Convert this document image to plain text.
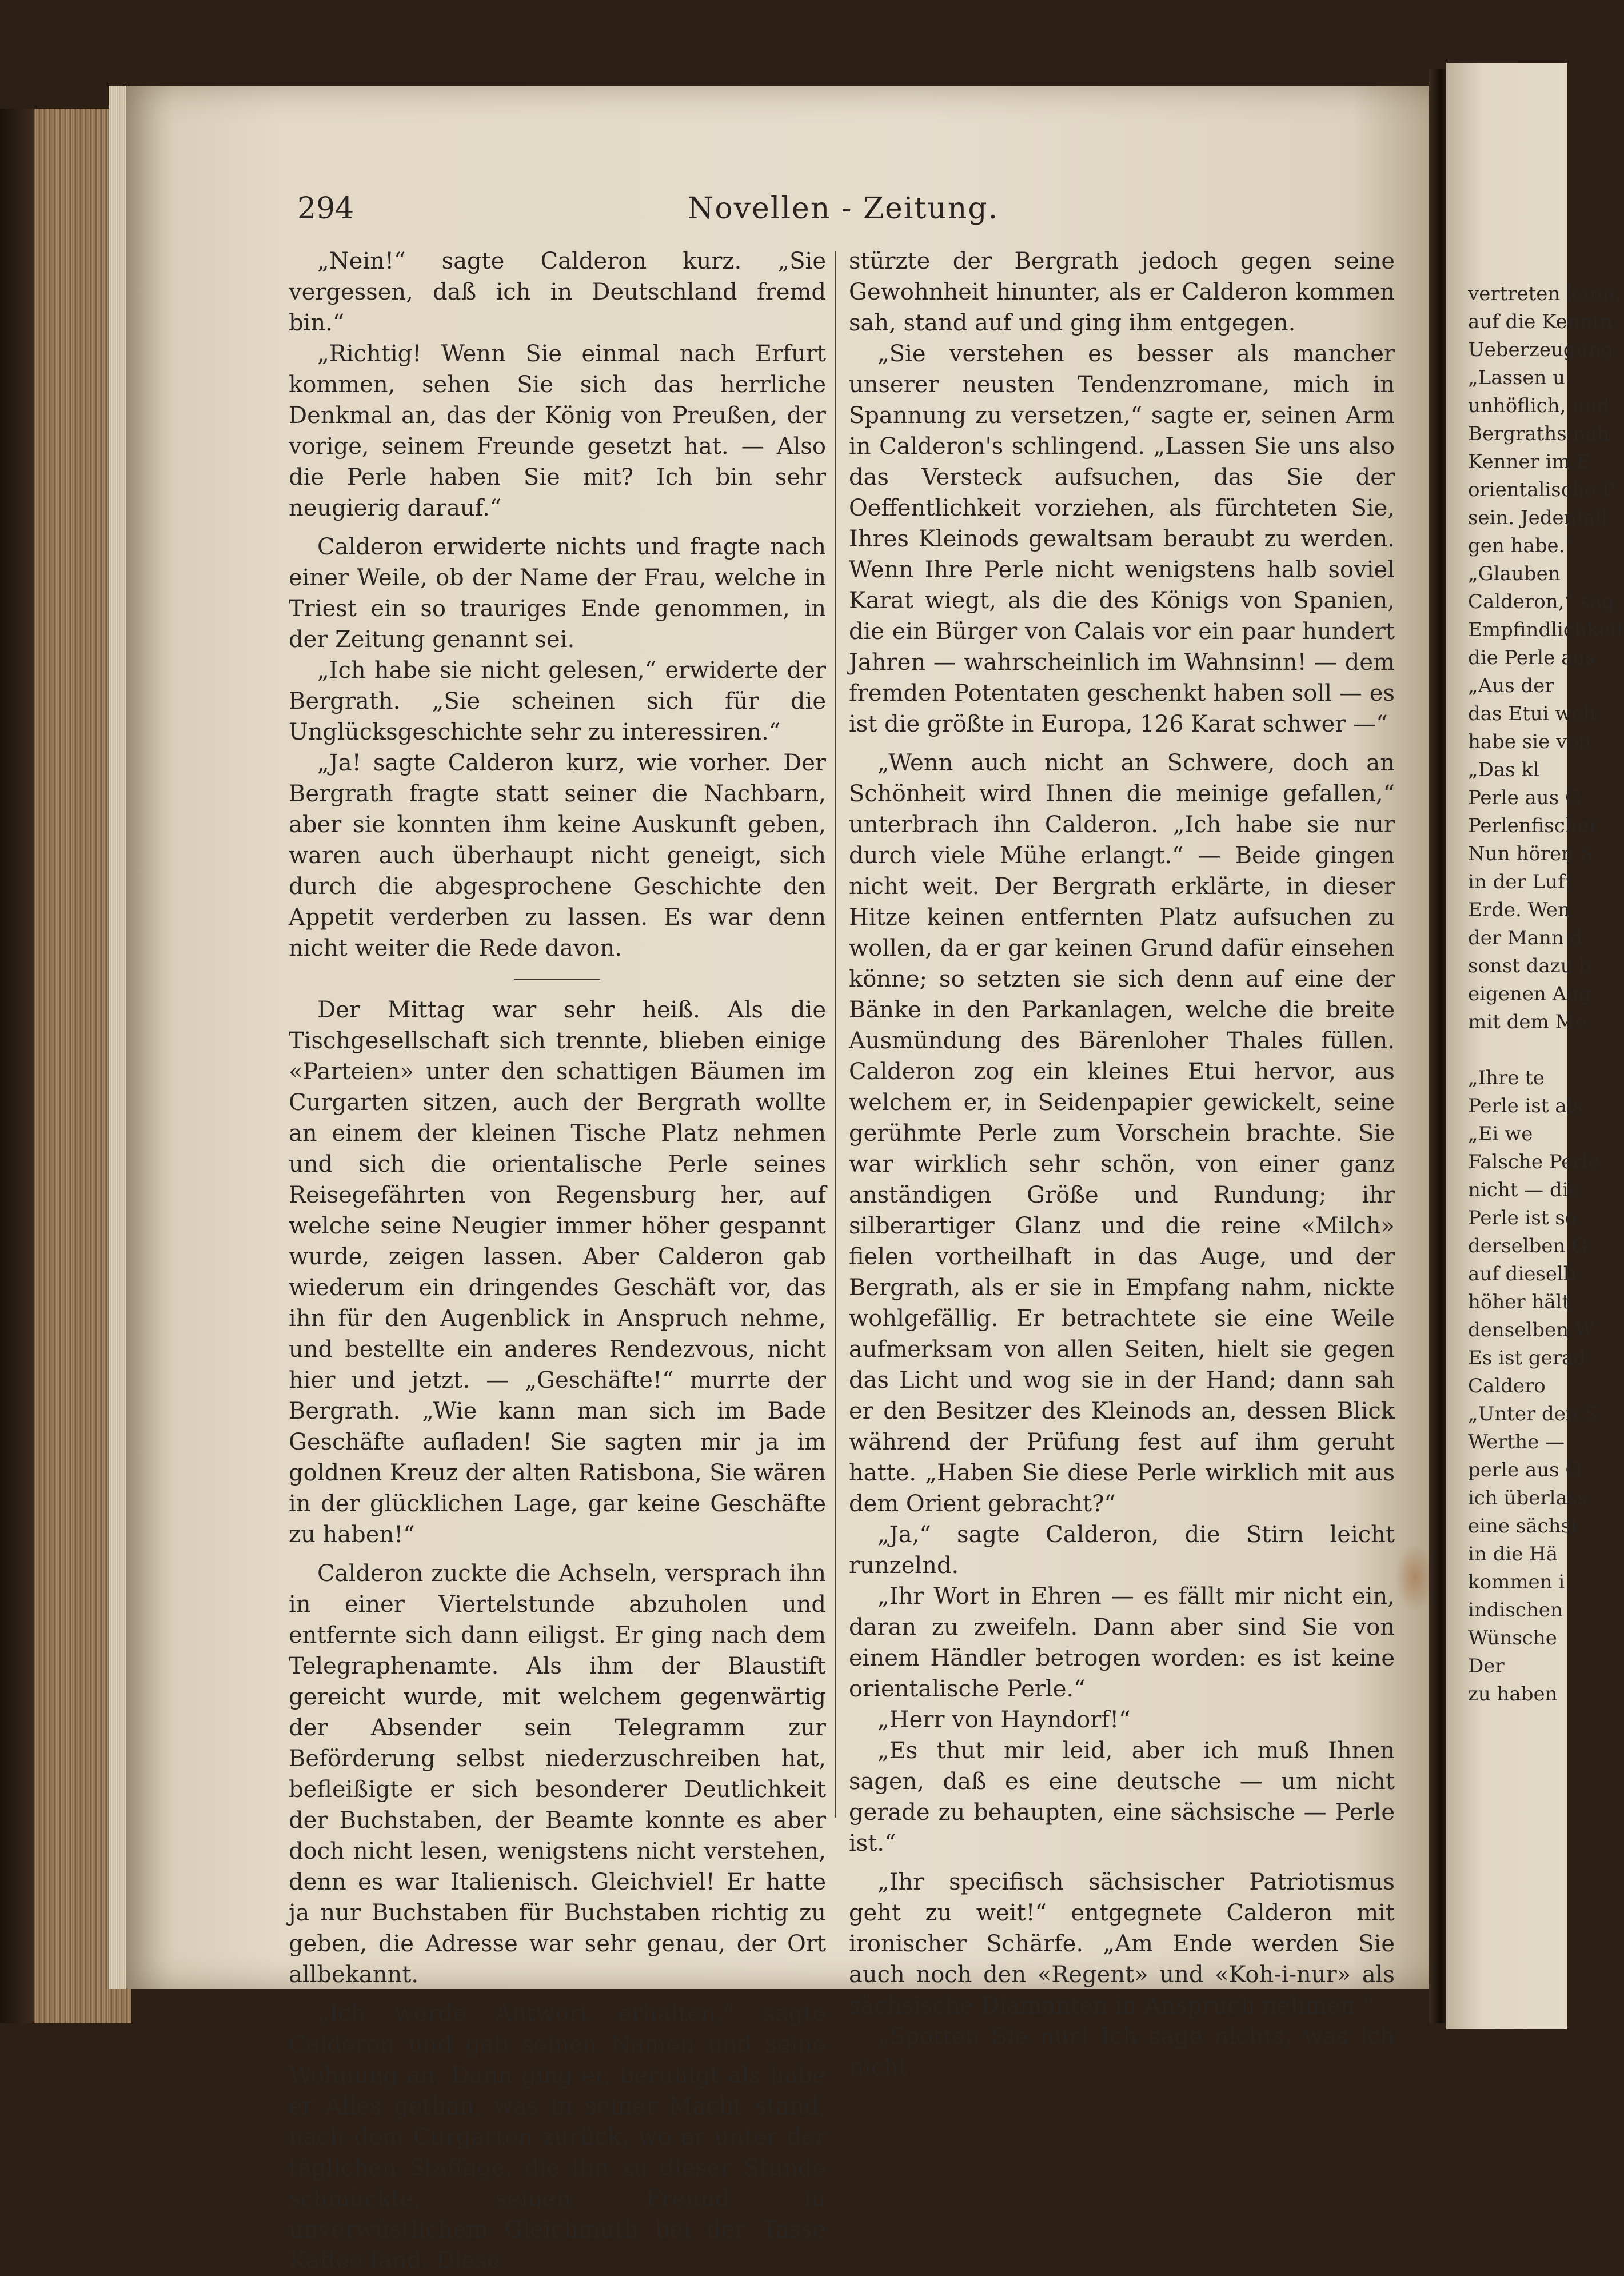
294	Novellen - Zeitung.

„Nein!“ sagte Calderon kurz. „Sie vergessen, daß ich in Deutschland fremd bin.“

„Richtig! Wenn Sie einmal nach Erfurt kommen, sehen Sie sich das herrliche Denkmal an, das der König von Preußen, der vorige, seinem Freunde gesetzt hat. — Also die Perle haben Sie mit? Ich bin sehr neugierig darauf.“

Calderon erwiderte nichts und fragte nach einer Weile, ob der Name der Frau, welche in Triest ein so trauriges Ende genommen, in der Zeitung genannt sei.

„Ich habe sie nicht gelesen,“ erwiderte der Bergrath. „Sie scheinen sich für die Unglücksgeschichte sehr zu interessiren.“

„Ja! sagte Calderon kurz, wie vorher. Der Bergrath fragte statt seiner die Nachbarn, aber sie konnten ihm keine Auskunft geben, waren auch überhaupt nicht geneigt, sich durch die abgesprochene Geschichte den Appetit verderben zu lassen. Es war denn nicht weiter die Rede davon.

Der Mittag war sehr heiß. Als die Tischgesellschaft sich trennte, blieben einige «Parteien» unter den schattigen Bäumen im Curgarten sitzen, auch der Bergrath wollte an einem der kleinen Tische Platz nehmen und sich die orientalische Perle seines Reisegefährten von Regensburg her, auf welche seine Neugier immer höher gespannt wurde, zeigen lassen. Aber Calderon gab wiederum ein dringendes Geschäft vor, das ihn für den Augenblick in Anspruch nehme, und bestellte ein anderes Rendezvous, nicht hier und jetzt. — „Geschäfte!“ murrte der Bergrath. „Wie kann man sich im Bade Geschäfte aufladen! Sie sagten mir ja im goldnen Kreuz der alten Ratisbona, Sie wären in der glücklichen Lage, gar keine Geschäfte zu haben!“

Calderon zuckte die Achseln, versprach ihn in einer Viertelstunde abzuholen und entfernte sich dann eiligst. Er ging nach dem Telegraphenamte. Als ihm der Blaustift gereicht wurde, mit welchem gegenwärtig der Absender sein Telegramm zur Beförderung selbst niederzuschreiben hat, befleißigte er sich besonderer Deutlichkeit der Buchstaben, der Beamte konnte es aber doch nicht lesen, wenigstens nicht verstehen, denn es war Italienisch. Gleichviel! Er hatte ja nur Buchstaben für Buchstaben richtig zu geben, die Adresse war sehr genau, der Ort allbekannt.

„Ich werde Antwort erhalten,“ sagte Calderon und gab seinen Namen und seine Wohnung an. Dann ging er, beruhigt als habe er Alles gethan, was in seiner Macht stand, nach dem Curgarten zurück, wo er unter der täglichen Staffage, die ihn zu dieser Stunde schmückte, seinen Freund in unverwüstlichem Gleichmuth bei der Tasse Kaffee fand. Diese

stürzte der Bergrath jedoch gegen seine Gewohnheit hinunter, als er Calderon kommen sah, stand auf und ging ihm entgegen.

„Sie verstehen es besser als mancher unserer neusten Tendenzromane, mich in Spannung zu versetzen,“ sagte er, seinen Arm in Calderon's schlingend. „Lassen Sie uns also das Versteck aufsuchen, das Sie der Oeffentlichkeit vorziehen, als fürchteten Sie, Ihres Kleinods gewaltsam beraubt zu werden. Wenn Ihre Perle nicht wenigstens halb soviel Karat wiegt, als die des Königs von Spanien, die ein Bürger von Calais vor ein paar hundert Jahren — wahrscheinlich im Wahnsinn! — dem fremden Potentaten geschenkt haben soll — es ist die größte in Europa, 126 Karat schwer —“

„Wenn auch nicht an Schwere, doch an Schönheit wird Ihnen die meinige gefallen,“ unterbrach ihn Calderon. „Ich habe sie nur durch viele Mühe erlangt.“ — Beide gingen nicht weit. Der Bergrath erklärte, in dieser Hitze keinen entfernten Platz aufsuchen zu wollen, da er gar keinen Grund dafür einsehen könne; so setzten sie sich denn auf eine der Bänke in den Parkanlagen, welche die breite Ausmündung des Bärenloher Thales füllen. Calderon zog ein kleines Etui hervor, aus welchem er, in Seidenpapier gewickelt, seine gerühmte Perle zum Vorschein brachte. Sie war wirklich sehr schön, von einer ganz anständigen Größe und Rundung; ihr silberartiger Glanz und die reine «Milch» fielen vortheilhaft in das Auge, und der Bergrath, als er sie in Empfang nahm, nickte wohlgefällig. Er betrachtete sie eine Weile aufmerksam von allen Seiten, hielt sie gegen das Licht und wog sie in der Hand; dann sah er den Besitzer des Kleinods an, dessen Blick während der Prüfung fest auf ihm geruht hatte. „Haben Sie diese Perle wirklich mit aus dem Orient gebracht?“

„Ja,“ sagte Calderon, die Stirn leicht runzelnd.

„Ihr Wort in Ehren — es fällt mir nicht ein, daran zu zweifeln. Dann aber sind Sie von einem Händler betrogen worden: es ist keine orientalische Perle.“

„Herr von Hayndorf!“

„Es thut mir leid, aber ich muß Ihnen sagen, daß es eine deutsche — um nicht gerade zu behaupten, eine sächsische — Perle ist.“

„Ihr specifisch sächsischer Patriotismus geht zu weit!“ entgegnete Calderon mit ironischer Schärfe. „Am Ende werden Sie auch noch den «Regent» und «Koh-i-nur» als sächsische Diamanten in Anspruch nehmen.“

„Spotten Sie nur! Ich sage nichts, was ich nicht

vertreten kann.
auf die Kenntn
Ueberzeugung
„Lassen u
unhöflich, und
Bergraths nah
Kenner im E
orientalische P
sein. Jedenfall
gen habe.“
„Glauben
Calderon,“ sag
Empfindlichkeit
die Perle aus
„Aus der
das Etui weh
habe sie von
„Das kl
Perle aus G
Perlenfischer,
Nun hören S
in der Luft
Erde. Wen
der Mann d
sonst dazu b
eigenen Aug
mit dem Me
„Ihre te
Perle ist als
„Ei we
Falsche Perle
nicht — die
Perle ist so
derselben G
auf dieselb
höher hält,
denselben W
Es ist gerad
Caldero
„Unter den S
Werthe —
perle aus G
ich überlass
eine sächsi
in die Hä
kommen i
indischen
Wünsche
Der
zu haben
